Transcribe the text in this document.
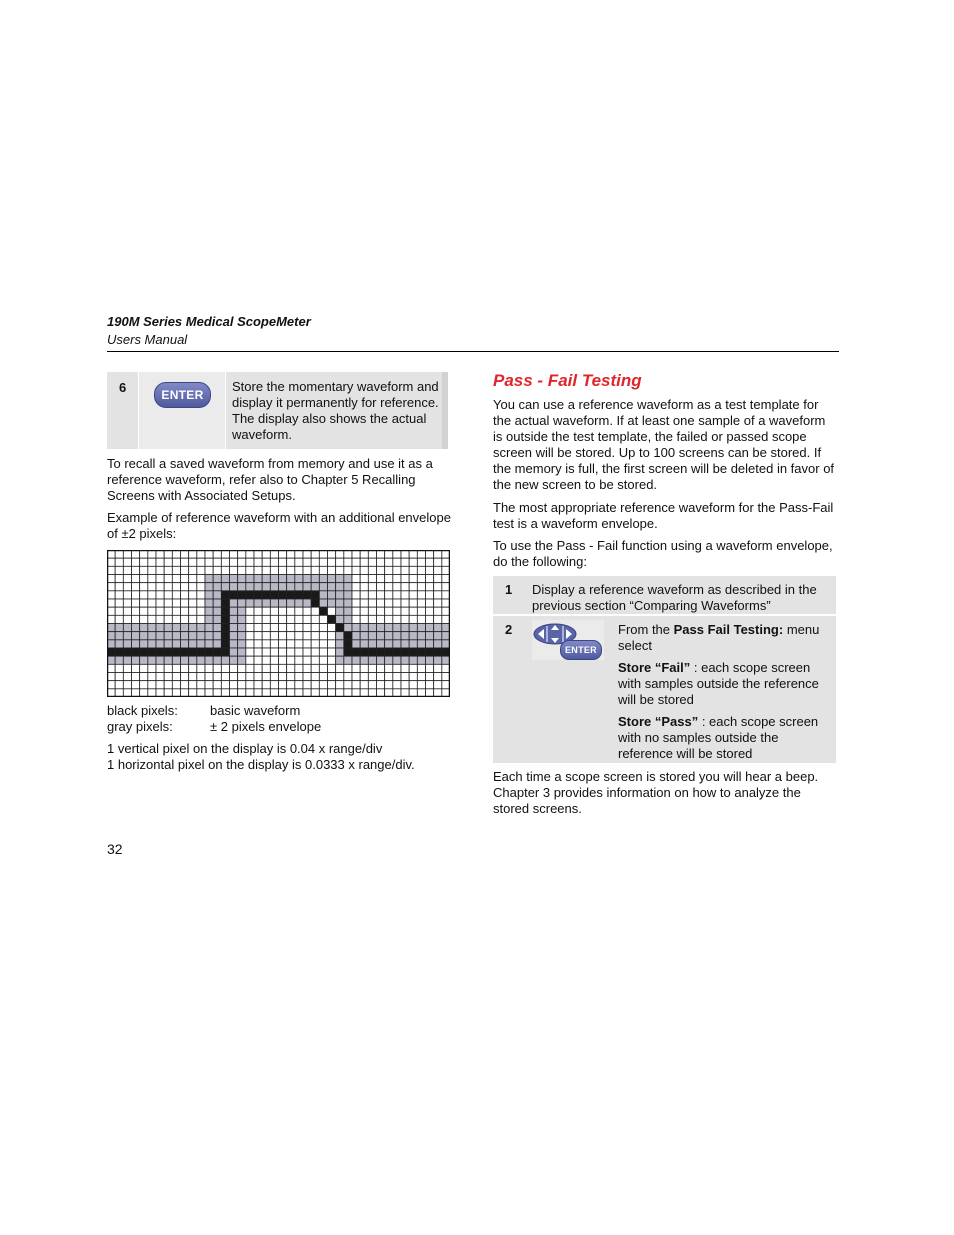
190M Series Medical ScopeMeter
Users Manual
6	ENTER
Store the momentary waveform and display it permanently for reference. The display also shows the actual waveform.
To recall a saved waveform from memory and use it as a reference waveform, refer also to Chapter 5 Recalling Screens with Associated Setups.
Example of reference waveform with an additional envelope of ±2 pixels:
black pixels: basic waveform
gray pixels:	± 2 pixels envelope
1 vertical pixel on the display is 0.04 x range/div
1 horizontal pixel on the display is 0.0333 x range/div.
Pass - Fail Testing
You can use a reference waveform as a test template for the actual waveform. If at least one sample of a waveform is outside the test template, the failed or passed scope screen will be stored. Up to 100 screens can be stored. If the memory is full, the first screen will be deleted in favor of the new screen to be stored.
The most appropriate reference waveform for the Pass-Fail test is a waveform envelope.
To use the Pass - Fail function using a waveform envelope, do the following:
1 Display a reference waveform as described in the previous section “Comparing Waveforms”
2
ENTER

From the Pass Fail Testing: menu select

Store “Fail” : each scope screen with samples outside the reference will be stored

Store “Pass” : each scope screen with no samples outside the reference will be stored

Each time a scope screen is stored you will hear a beep. Chapter 3 provides information on how to analyze the stored screens.
32
